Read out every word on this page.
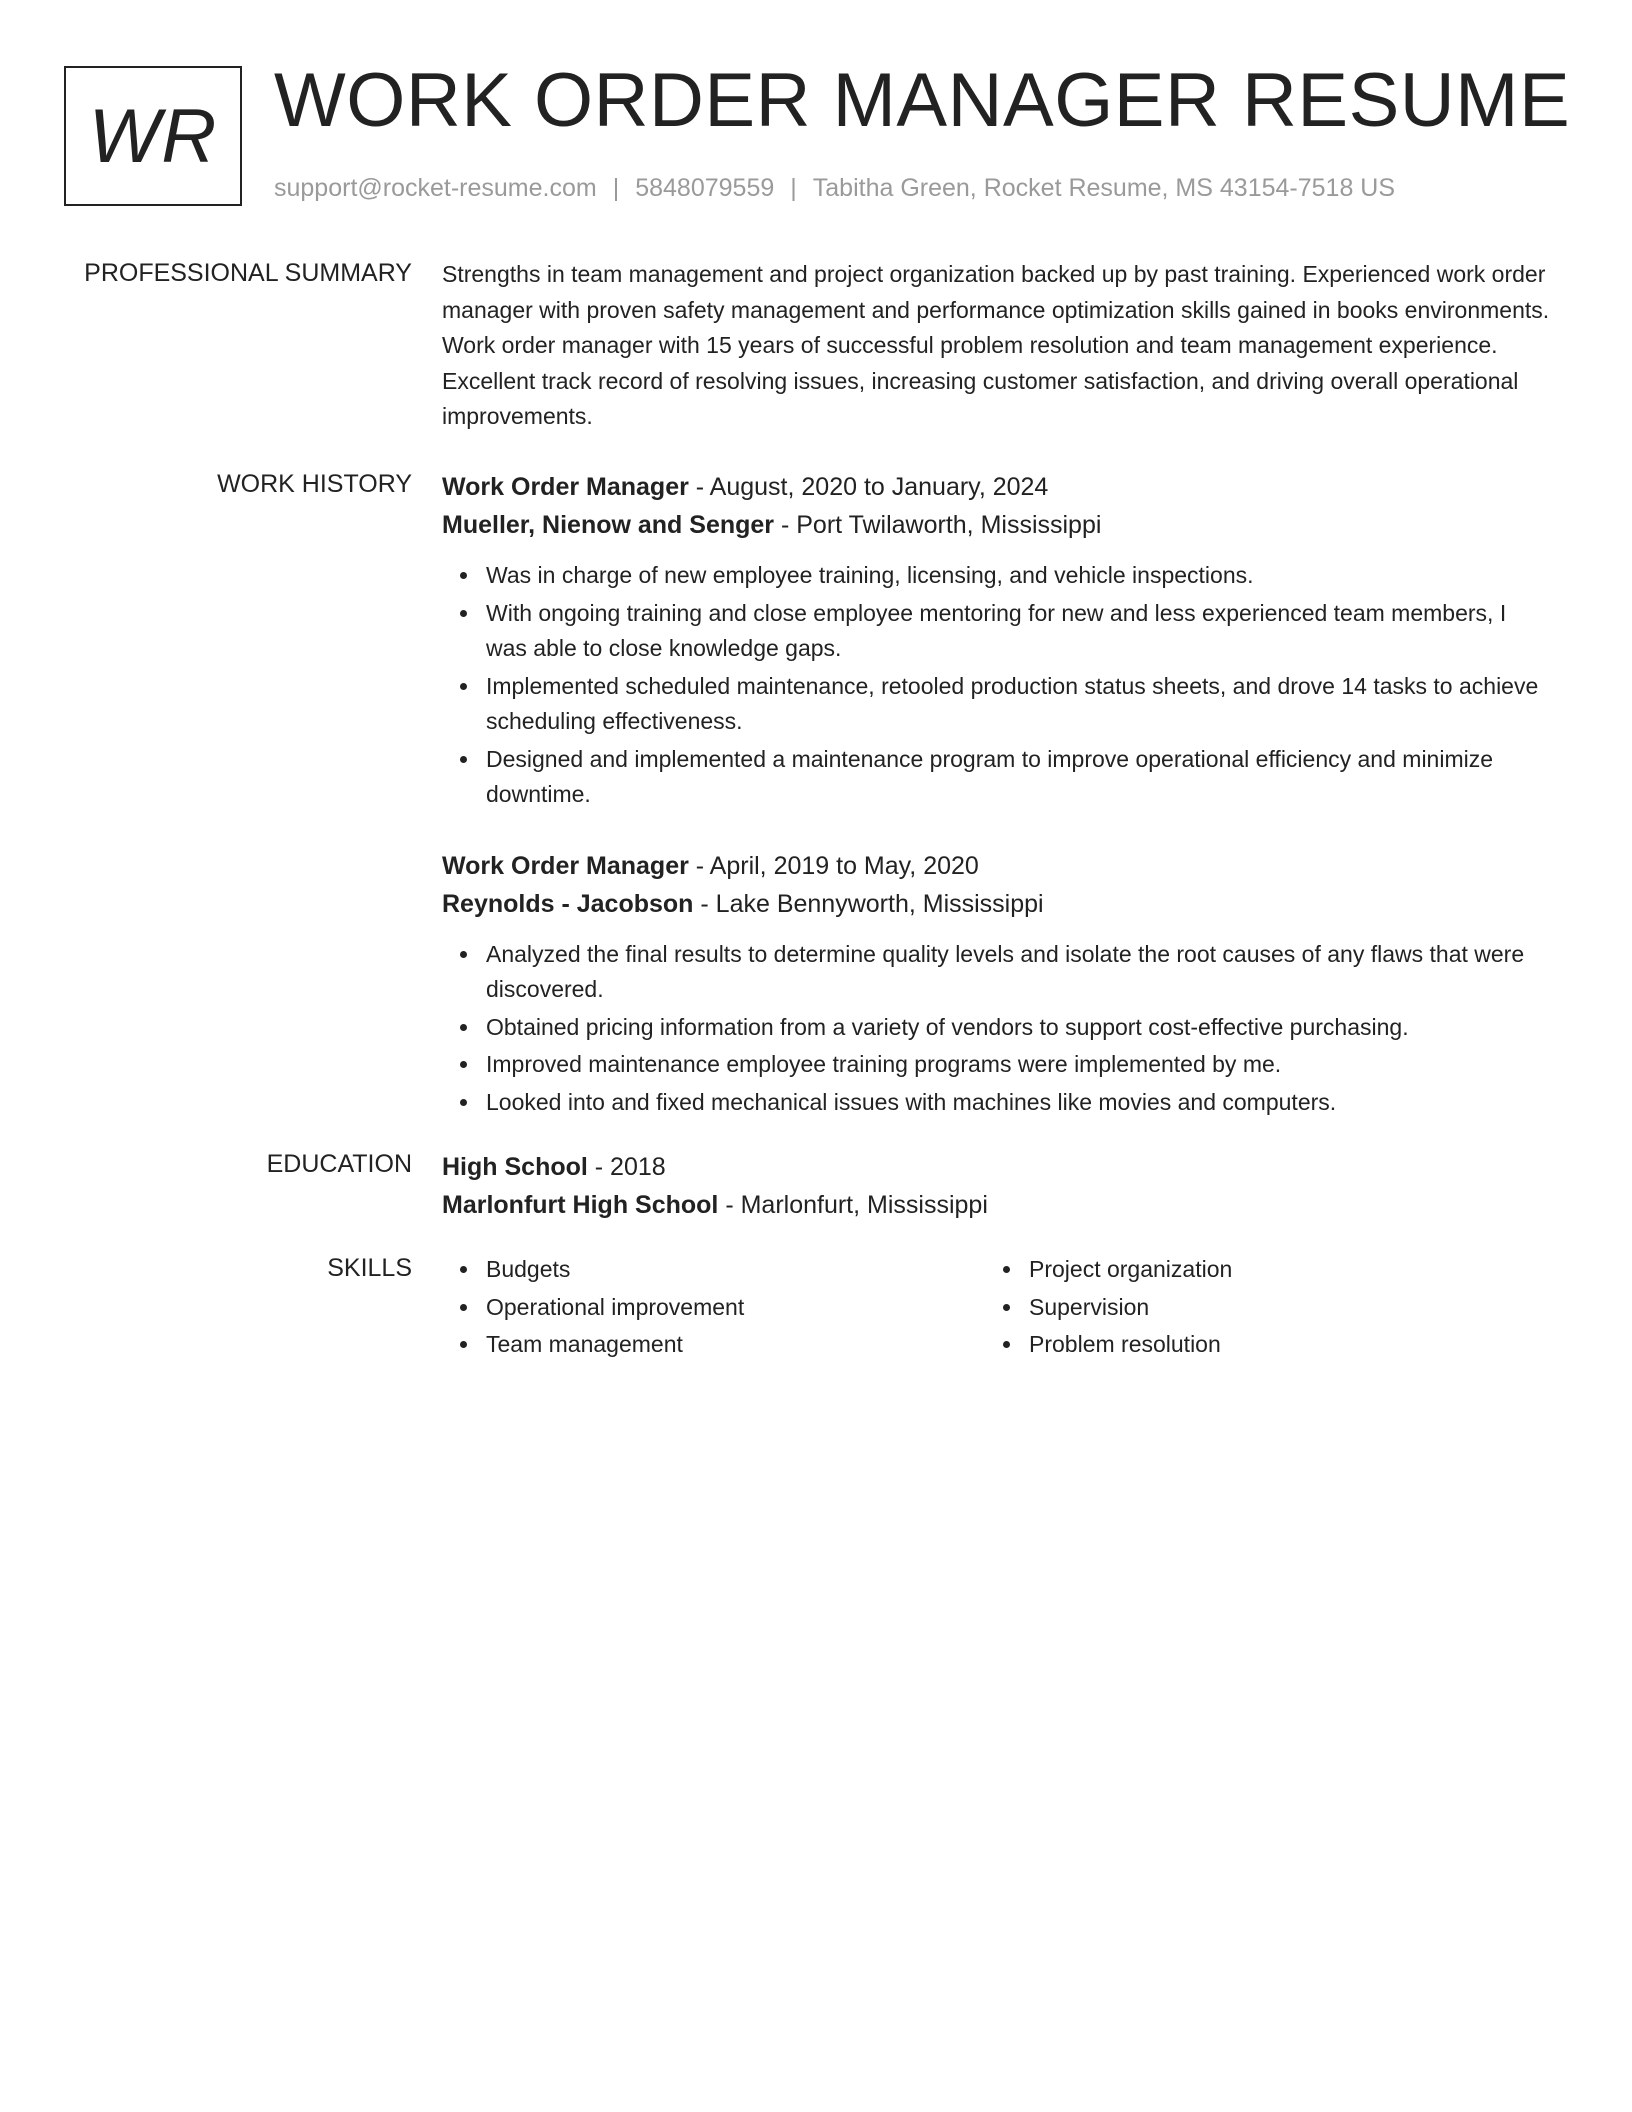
WR WORK ORDER MANAGER RESUME
support@rocket-resume.com | 5848079559 | Tabitha Green, Rocket Resume, MS 43154-7518 US
PROFESSIONAL SUMMARY Strengths in team management and project organization backed up by past training. Experienced work order manager with proven safety management and performance optimization skills gained in books environments. Work order manager with 15 years of successful problem resolution and team management experience. Excellent track record of resolving issues, increasing customer satisfaction, and driving overall operational improvements.

WORK HISTORY Work Order Manager - August, 2020 to January, 2024
Mueller, Nienow and Senger - Port Twilaworth, Mississippi
Was in charge of new employee training, licensing, and vehicle inspections.
With ongoing training and close employee mentoring for new and less experienced team members, I was able to close knowledge gaps.
Implemented scheduled maintenance, retooled production status sheets, and drove 14 tasks to achieve scheduling effectiveness.
Designed and implemented a maintenance program to improve operational efficiency and minimize downtime.
Work Order Manager - April, 2019 to May, 2020
Reynolds - Jacobson - Lake Bennyworth, Mississippi
Analyzed the final results to determine quality levels and isolate the root causes of any flaws that were discovered.
Obtained pricing information from a variety of vendors to support cost-effective purchasing.
Improved maintenance employee training programs were implemented by me.
Looked into and fixed mechanical issues with machines like movies and computers.
EDUCATION High School - 2018
Marlonfurt High School - Marlonfurt, Mississippi
SKILLS	Budgets
Operational improvement
Team management
Project organization
Supervision
Problem resolution
